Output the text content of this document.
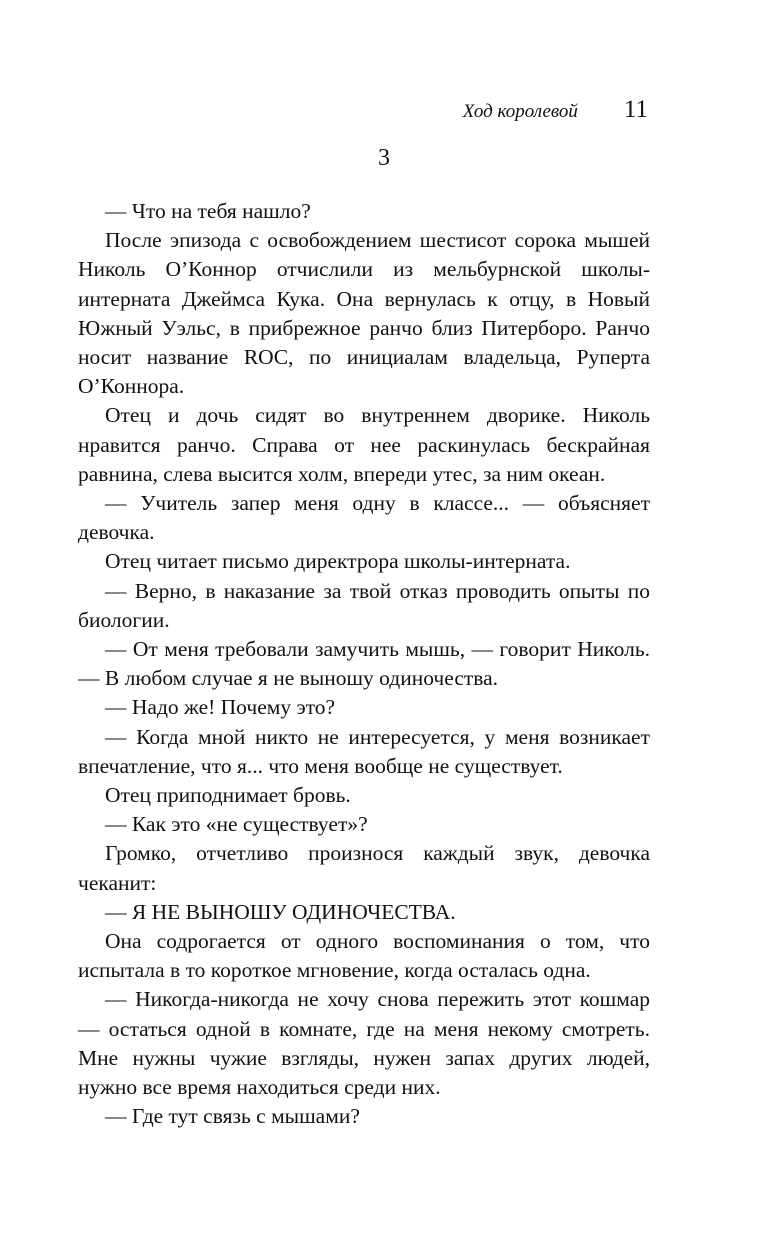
Ход королевой 11
3

— Что на тебя нашло?

После эпизода с освобождением шестисот сорока мышей Николь О’Коннор отчислили из мельбурнской школы-интерната Джеймса Кука. Она вернулась к отцу, в Новый Южный Уэльс, в прибрежное ранчо близ Питерборо. Ранчо носит название ROC, по инициалам владельца, Руперта О’Коннора.

Отец и дочь сидят во внутреннем дворике. Николь нравится ранчо. Справа от нее раскинулась бескрайная равнина, слева высится холм, впереди утес, за ним океан.

— Учитель запер меня одну в классе... — объясняет девочка.

Отец читает письмо директрора школы-интерната.

— Верно, в наказание за твой отказ проводить опыты по биологии.

— От меня требовали замучить мышь, — говорит Николь. — В любом случае я не выношу одиночества.

— Надо же! Почему это?

— Когда мной никто не интересуется, у меня возникает впечатление, что я... что меня вообще не существует.

Отец приподнимает бровь.

— Как это «не существует»?

Громко, отчетливо произнося каждый звук, девочка чеканит:

— Я НЕ ВЫНОШУ ОДИНОЧЕСТВА.

Она содрогается от одного воспоминания о том, что испытала в то короткое мгновение, когда осталась одна.

— Никогда-никогда не хочу снова пережить этот кошмар — остаться одной в комнате, где на меня некому смотреть. Мне нужны чужие взгляды, нужен запах других людей, нужно все время находиться среди них.

— Где тут связь с мышами?
